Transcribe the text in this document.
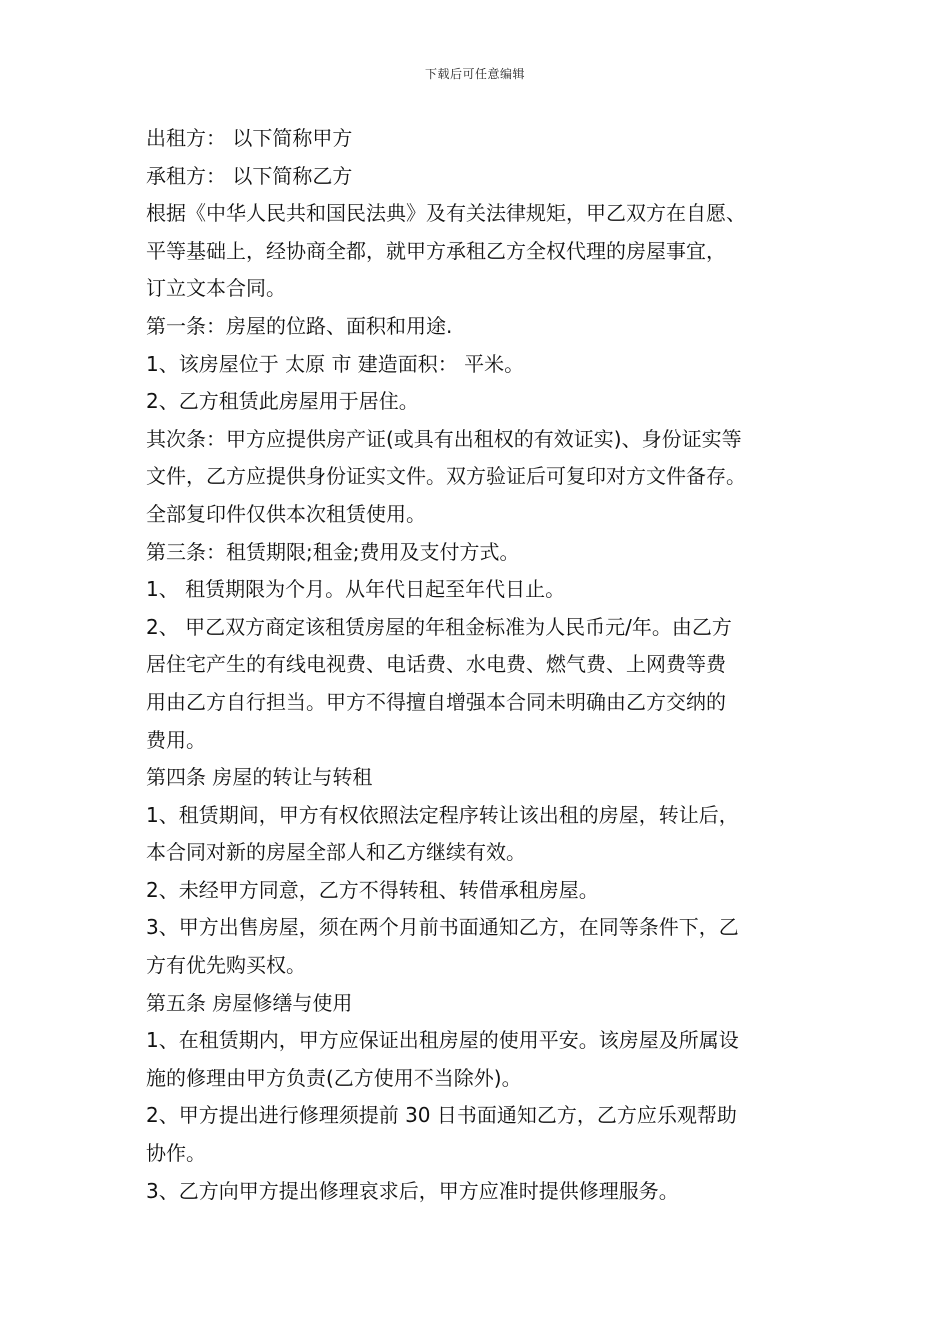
下载后可任意编辑
出租方： 以下简称甲方
承租方： 以下简称乙方
根据《中华人民共和国民法典》及有关法律规矩，甲乙双方在自愿、
平等基础上，经协商全都，就甲方承租乙方全权代理的房屋事宜，
订立文本合同。
第一条：房屋的位路、面积和用途.
1、该房屋位于 太原 市 建造面积： 平米。
2、乙方租赁此房屋用于居住。
其次条：甲方应提供房产证(或具有出租权的有效证实)、身份证实等
文件，乙方应提供身份证实文件。双方验证后可复印对方文件备存。
全部复印件仅供本次租赁使用。
第三条：租赁期限;租金;费用及支付方式。
1、 租赁期限为个月。从年代日起至年代日止。
2、 甲乙双方商定该租赁房屋的年租金标准为人民币元/年。由乙方
居住宅产生的有线电视费、电话费、水电费、燃气费、上网费等费
用由乙方自行担当。甲方不得擅自增强本合同未明确由乙方交纳的
费用。
第四条 房屋的转让与转租
1、租赁期间，甲方有权依照法定程序转让该出租的房屋，转让后，
本合同对新的房屋全部人和乙方继续有效。
2、未经甲方同意，乙方不得转租、转借承租房屋。
3、甲方出售房屋，须在两个月前书面通知乙方，在同等条件下，乙
方有优先购买权。
第五条 房屋修缮与使用
1、在租赁期内，甲方应保证出租房屋的使用平安。该房屋及所属设
施的修理由甲方负责(乙方使用不当除外)。
2、甲方提出进行修理须提前 30 日书面通知乙方，乙方应乐观帮助
协作。
3、乙方向甲方提出修理哀求后，甲方应准时提供修理服务。
